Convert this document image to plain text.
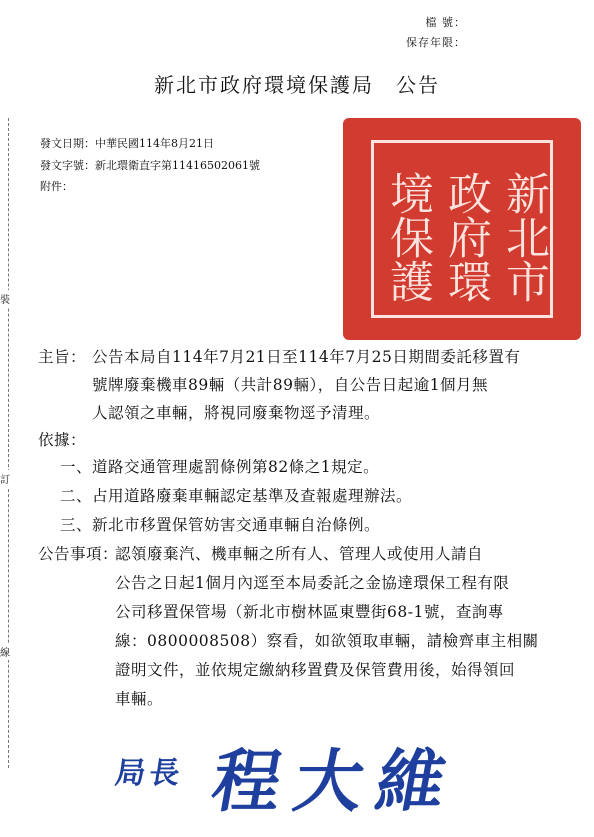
檔 號：
保存年限：
新北市政府環境保護局　公告
裝
訂
線
發文日期：中華民國114年8月21日
發文字號：新北環衛直字第11416502061號
附件：	新北市
政府環
境保護
主旨： 公告本局自114年7月21日至114年7月25日期間委託移置有
號牌廢棄機車89輛（共計89輛），自公告日起逾1個月無
人認領之車輛，將視同廢棄物逕予清理。
依據：
一、道路交通管理處罰條例第82條之1規定。
二、占用道路廢棄車輛認定基準及查報處理辦法。
三、新北市移置保管妨害交通車輛自治條例。
公告事項：
認領廢棄汽、機車輛之所有人、管理人或使用人請自
公告之日起1個月內逕至本局委託之金協達環保工程有限
公司移置保管場（新北市樹林區東豐街68-1號，查詢專
線：0800008508）察看，如欲領取車輛，請檢齊車主相關
證明文件，並依規定繳納移置費及保管費用後，始得領回
車輛。
局長 程大維
